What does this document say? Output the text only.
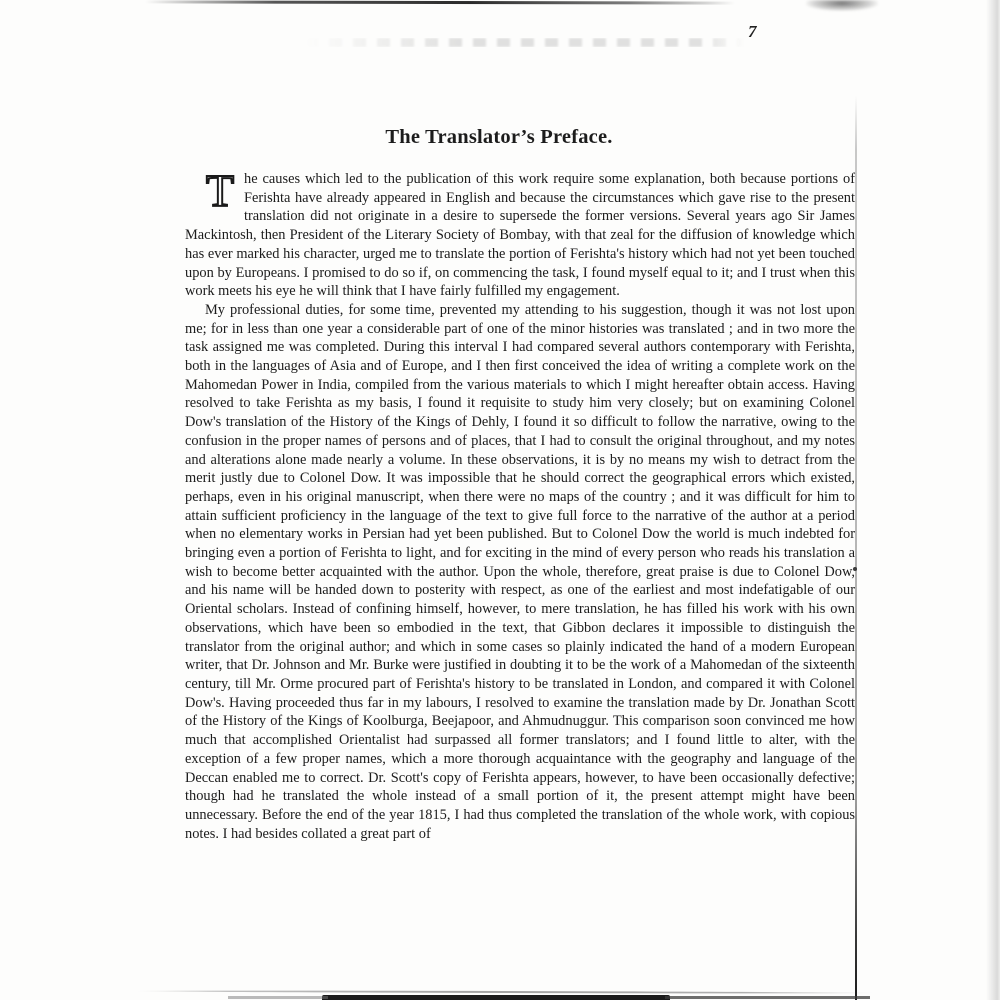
7
The Translator’s Preface.

T he causes which led to the publication of this work require some explanation, both because portions of Ferishta have already appeared in English and because the circumstances which gave rise to the present translation did not originate in a desire to supersede the former versions. Several years ago Sir James Mackintosh, then President of the Literary Society of Bombay, with that zeal for the diffusion of knowledge which has ever marked his character, urged me to translate the portion of Ferishta's history which had not yet been touched upon by Europeans. I promised to do so if, on commencing the task, I found myself equal to it; and I trust when this work meets his eye he will think that I have fairly fulfilled my engagement.

My professional duties, for some time, prevented my attending to his suggestion, though it was not lost upon me; for in less than one year a considerable part of one of the minor histories was translated ; and in two more the task assigned me was completed. During this interval I had compared several authors contemporary with Ferishta, both in the languages of Asia and of Europe, and I then first conceived the idea of writing a complete work on the Mahomedan Power in India, compiled from the various materials to which I might hereafter obtain access. Having resolved to take Ferishta as my basis, I found it requisite to study him very closely; but on examining Colonel Dow's translation of the History of the Kings of Dehly, I found it so difficult to follow the narrative, owing to the confusion in the proper names of persons and of places, that I had to consult the original throughout, and my notes and alterations alone made nearly a volume. In these observations, it is by no means my wish to detract from the merit justly due to Colonel Dow. It was impossible that he should correct the geographical errors which existed, perhaps, even in his original manuscript, when there were no maps of the country ; and it was difficult for him to attain sufficient proficiency in the language of the text to give full force to the narrative of the author at a period when no elementary works in Persian had yet been published. But to Colonel Dow the world is much indebted for bringing even a portion of Ferishta to light, and for exciting in the mind of every person who reads his translation a wish to become better acquainted with the author. Upon the whole, therefore, great praise is due to Colonel Dow, and his name will be handed down to posterity with respect, as one of the earliest and most indefatigable of our Oriental scholars. Instead of confining himself, however, to mere translation, he has filled his work with his own observations, which have been so embodied in the text, that Gibbon declares it impossible to distinguish the translator from the original author; and which in some cases so plainly indicated the hand of a modern European writer, that Dr. Johnson and Mr. Burke were justified in doubting it to be the work of a Mahomedan of the sixteenth century, till Mr. Orme procured part of Ferishta's history to be translated in London, and compared it with Colonel Dow's. Having proceeded thus far in my labours, I resolved to examine the translation made by Dr. Jonathan Scott of the History of the Kings of Koolburga, Beejapoor, and Ahmudnuggur. This comparison soon convinced me how much that accomplished Orientalist had surpassed all former translators; and I found little to alter, with the exception of a few proper names, which a more thorough acquaintance with the geography and language of the Deccan enabled me to correct. Dr. Scott's copy of Ferishta appears, however, to have been occasionally defective; though had he translated the whole instead of a small portion of it, the present attempt might have been unnecessary. Before the end of the year 1815, I had thus completed the translation of the whole work, with copious notes. I had besides collated a great part of
